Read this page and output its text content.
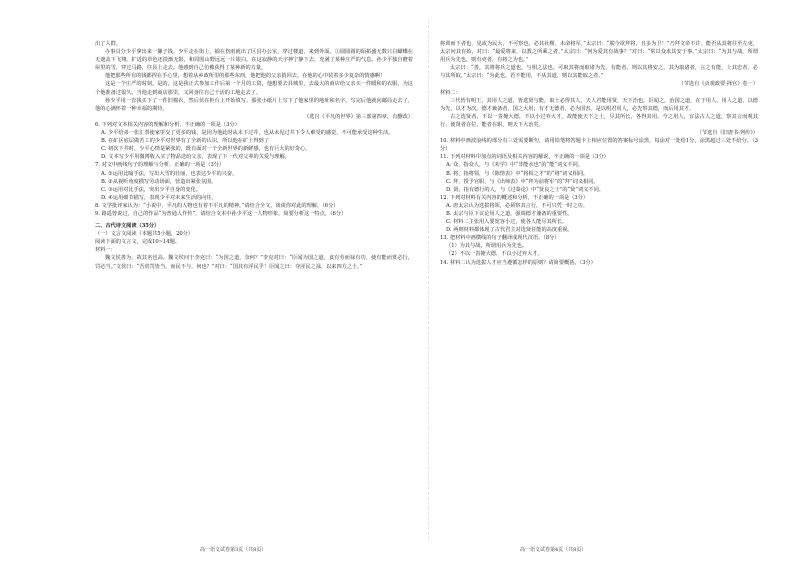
出了人群。

办事员分少平拿出来一摞子钱。少平走在街上，捕在伤雨就出了区县办公室，穿过楼道，来到外面。①圆圆圆的陌拓盛无数只白蝴蝶在无遮盖下飞翔。扩近的草色还淡渐无影，和周围山野远远一片银白。在这寂静的天宇神宁静下去，充满了某种庄严的气息。孙少平独自瞪着屋里的雪，穿过马路，往县上走去。他感到自己仿佛获得了某种新的力量。

他把那些所有的钱都捏在手心里，想着从乡政所里的那些东西，他把他的父亲捎回去。在他的心中装着多少复杂的情感啊！

这是一个庄严的时刻。是的，这是我正式参加工作后第一个月的工资，他想要去县城里，去最大的商店给父亲买一件暖和的衣服，为这个他准备过很久。当他走到商店那里，又回身往自己干活的工地走去了。

孙少平用一沓钱买下了一件旧棉衣，然后伏在柜台上开始填写。那张小纸片上写下了他家里的地址和名字，写完后他就向邮局走去了，他的心满怀着一种幸福的期待。

（选自《平凡的世界》第三部第四章，有删改）

6. 下列对文本相关内容的理解和分析，不正确的一项是（3分）

A. 少平给弟一张汇票使家里交了更多的钱，是因为他此时从未下过井，也从未见过井下令人难受的感觉，不可能承受这种生活。

B. 在矿区底层做苦工的少平对世界有了全新的认识，所以他在矿上得到了

C. 初次下井时，少平心情是紧张的，既有面对一个全新世界的新鲜感，也有巨大的好奇心。

D. 文本写少平用微薄收入买了物品送给父亲，表现了下一代对父辈的关爱与理解。

7. 对文中画线句子的理解与分析，正确的一项是（3分）

A. ①运用比喻手法，写出大雪的壮丽，也表达少平的兴奋。

B. ②从视听角度描写劳动场面，营造出紧张氛围。

C. ③运用对比手法，突出少平自身的变化。

D. ④运用细节描写，表现少平对未来生活的向往。

8. 文学批评家认为：“小说中，平凡的人物也有着不平凡的精神。”请结合全文，谈谈你对此的理解。（6分）

9. 路遥曾说过，自己的作品“为普通人作传”，请结合文本中孙少平这一人物形象，简要分析这一特点。（6分）

二、古代诗文阅读（35分）

（一）文言文阅读（本题共5小题，20分）

阅读下面的文言文，完成10~14题。

材料一：

魏文侯善为，故其名也高。魏文侯问于李克曰：“为国之道，奈何？”李克对曰：“臣闻为国之道，食有劳而禄有功，使有能而赏必行，罚必当。”文侯曰：“吾赏罚皆当，而民不与，何也？”对曰：“国其有淫民乎！臣闻之曰：夺淫民之禄，以来四方之士。”

将训而下者也，见或为民大，不可察也，必其社稷，未命将军。”太宗曰：“朕今欲拜将，且多为卫！”乃拜文帝不许。能否从其将往至左吏，太宗问其有始，对曰：“最爱将来，以教之所乘之者，”太宗曰：“何为爱其有战事？”对曰：“常以众求其安于事。”太宗曰：“为其与战，所谓用兵为先也，则有吏者，有将之为也。”

太宗曰：“善。其将将兵之道也，与相之法也。可取其将而取诸为先，有能者，则以其将安之。其为取诸者，言之有能，上其忠者，必与其所取。”太宗曰：“为此也，若不能用，不从其道，则以其能取之者。”

（节选自《贞观政要·择官》卷一）

材料二：

三代皆有明王，其用人之道，皆选贤与能，取士必得其人。夫人君能用贤，天下治也。臣闻之，治国之道，在于用人。用人之道，以德为先，以才为次。德才兼备者，国之大用；有才无德者，必为国害。是以明君用人，必先察其德，而后用其才。

古之选贤者，不以一眚掩大德，不以小过弃大才。故能使天下之士，尽其所长，各得其用。今之用人，宜法古人之道，察其言而观其行，使贤者在位，能者在职，则天下大治矣。

（节选自《旧唐书·列传》）

10. 材料中画波浪线的部分有三处需要断句，请用铅笔将答题卡上相应位置的答案标号涂黑，每涂对一处给1分，涂黑超过三处不给分。（3分）

11. 下列对材料中加点的词语及相关内容的解说，不正确的一项是（3分）

A. 众，指众人，与《劝学》中“非能水也”的“能”词义不同。

B. 将，指将领，与《陈情表》中“将相之才”的“将”词义相同。

C. 拜，授予官职，与《出师表》中“拜为前将军”的“拜”词义相同。

D. 贤，指有德行的人，与《过秦论》中“贤良之士”的“贤”词义不同。

12. 下列对材料有关内容的概述和分析，不正确的一项是（3分）

A. 唐太宗认为选拔将领，必须察其言行，不可只凭一时之功。

B. 太宗与臣下议论用人之道，强调德才兼备的重要性。

C. 材料二主张用人要宽容小过，使各人能尽其所长。

D. 两则材料都体现了古代君主对选贤任能的高度重视。

13. 把材料中画横线的句子翻译成现代汉语。（8分）

（1）为其与战，所谓用兵为先也。

（2）不以一眚掩大德，不以小过弃大才。

14. 材料二认为选拔人才应当遵循怎样的原则？请简要概括。（3分）

高一语文试卷第3页（共8页）	高一语文试卷第4页（共8页）
